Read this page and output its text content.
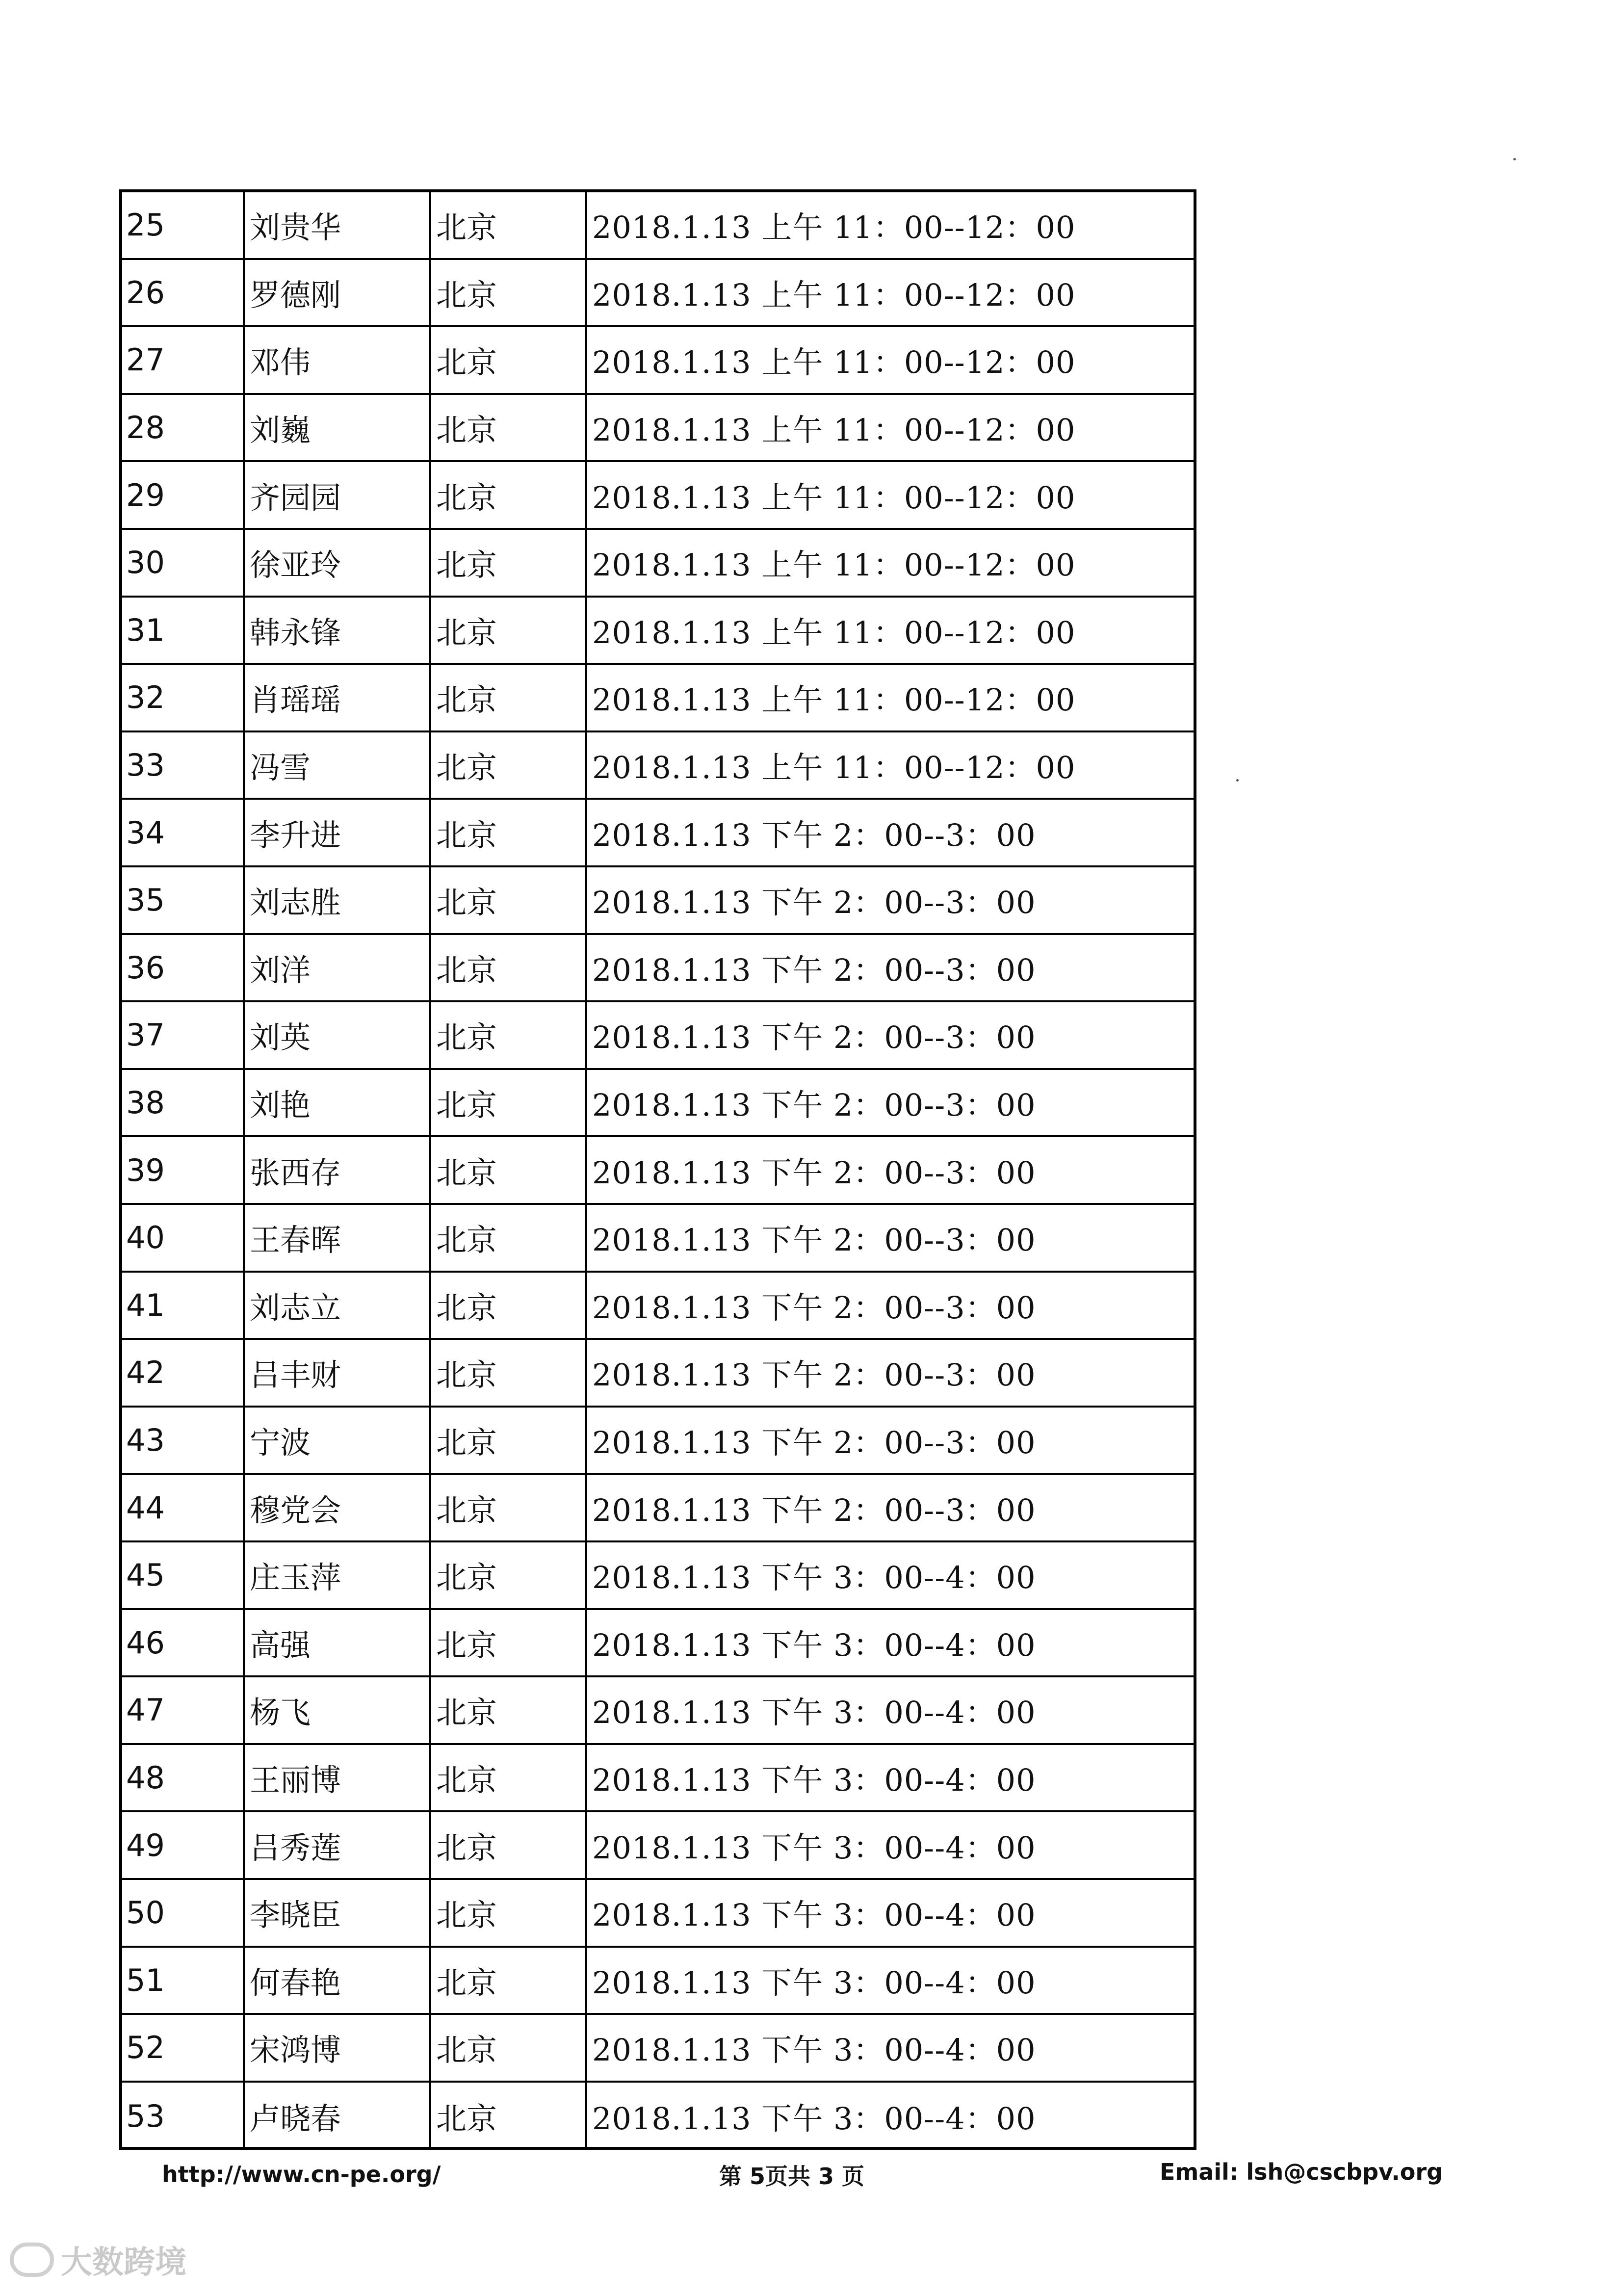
25	刘贵华	北京	2018.1.13 上午 11：00--12：00
26	罗德刚	北京	2018.1.13 上午 11：00--12：00
27	邓伟	北京	2018.1.13 上午 11：00--12：00
28	刘巍	北京	2018.1.13 上午 11：00--12：00
29	齐园园	北京	2018.1.13 上午 11：00--12：00
30	徐亚玲	北京	2018.1.13 上午 11：00--12：00
31	韩永锋	北京	2018.1.13 上午 11：00--12：00
32	肖瑶瑶	北京	2018.1.13 上午 11：00--12：00
33	冯雪	北京	2018.1.13 上午 11：00--12：00
34	李升进	北京	2018.1.13 下午 2：00--3：00
35	刘志胜	北京	2018.1.13 下午 2：00--3：00
36	刘洋	北京	2018.1.13 下午 2：00--3：00
37	刘英	北京	2018.1.13 下午 2：00--3：00
38	刘艳	北京	2018.1.13 下午 2：00--3：00
39	张西存	北京	2018.1.13 下午 2：00--3：00
40	王春晖	北京	2018.1.13 下午 2：00--3：00
41	刘志立	北京	2018.1.13 下午 2：00--3：00
42	吕丰财	北京	2018.1.13 下午 2：00--3：00
43	宁波	北京	2018.1.13 下午 2：00--3：00
44	穆党会	北京	2018.1.13 下午 2：00--3：00
45	庄玉萍	北京	2018.1.13 下午 3：00--4：00
46	高强	北京	2018.1.13 下午 3：00--4：00
47	杨飞	北京	2018.1.13 下午 3：00--4：00
48	王丽博	北京	2018.1.13 下午 3：00--4：00
49	吕秀莲	北京	2018.1.13 下午 3：00--4：00
50	李晓臣	北京	2018.1.13 下午 3：00--4：00
51	何春艳	北京	2018.1.13 下午 3：00--4：00
52	宋鸿博	北京	2018.1.13 下午 3：00--4：00
53	卢晓春	北京	2018.1.13 下午 3：00--4：00
http://www.cn-pe.org/	第 5页共 3 页	Email: lsh@cscbpv.org
大数跨境
